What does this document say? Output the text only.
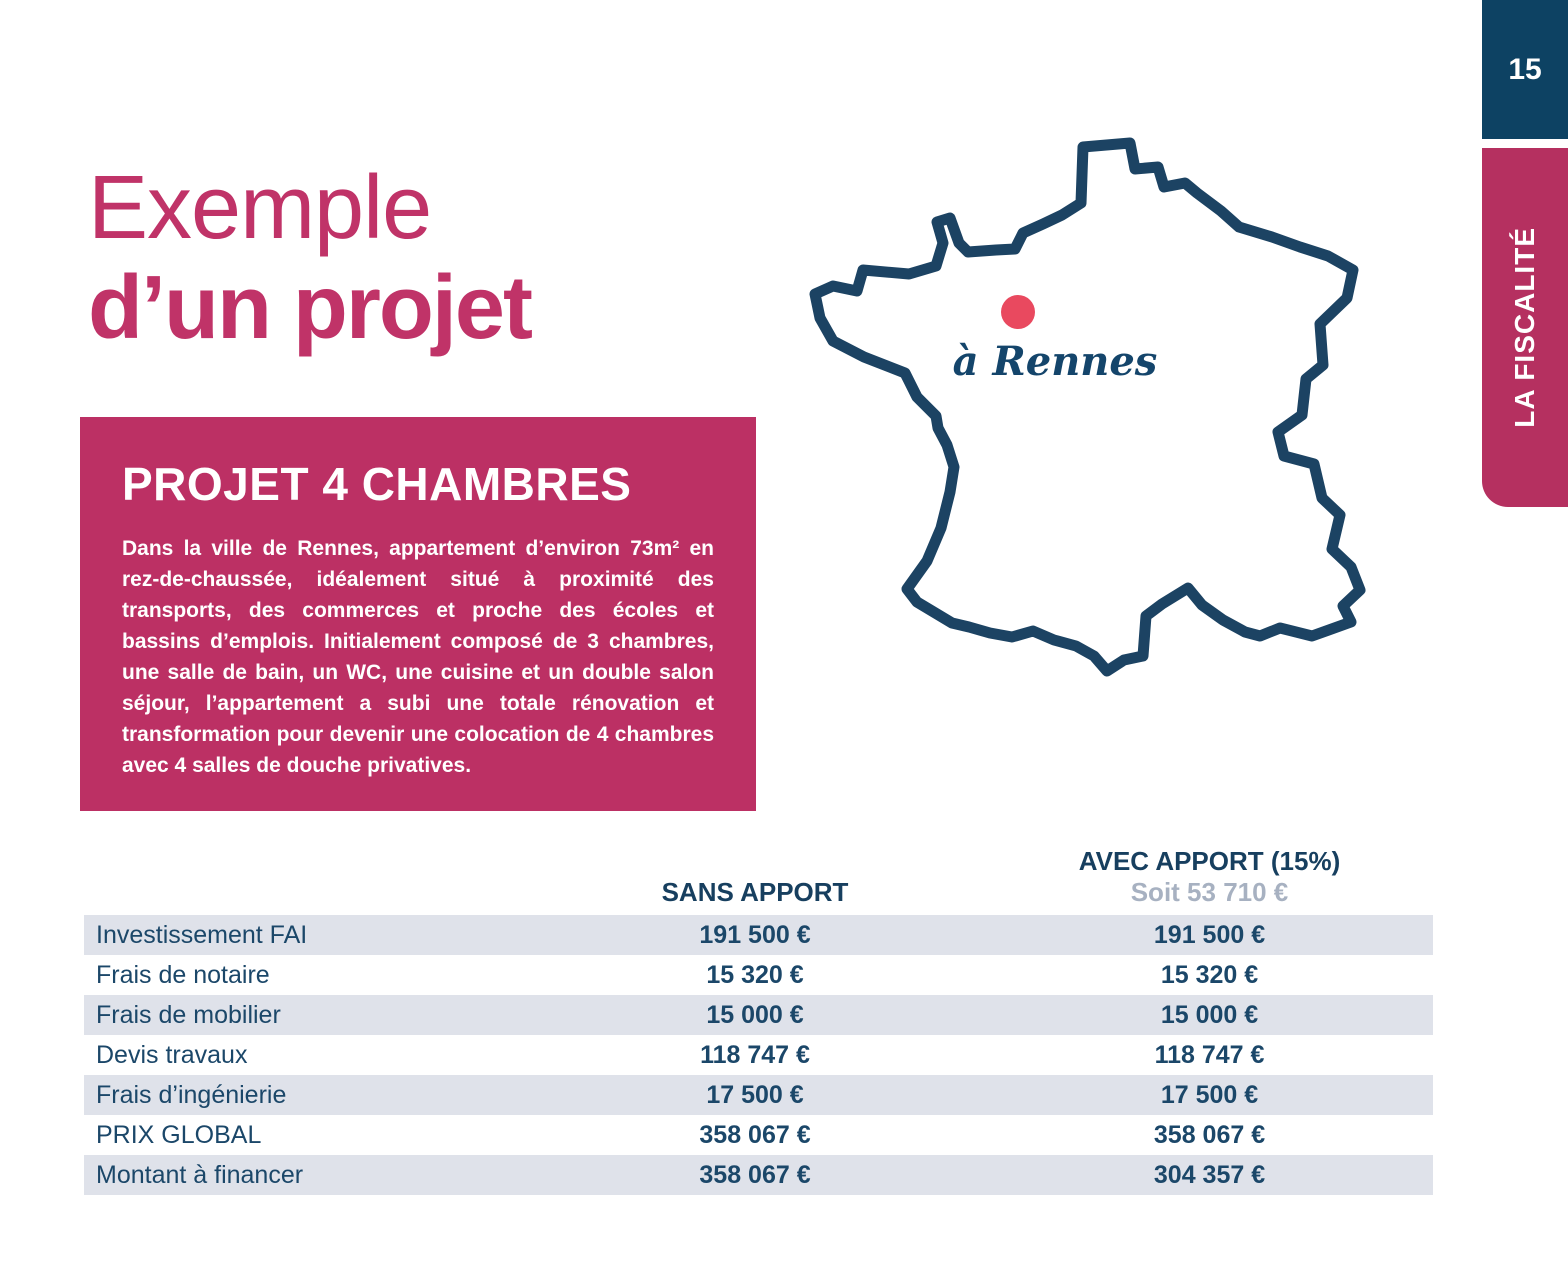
Exemple
d’un projet
15
LA FISCALITÉ
PROJET 4 CHAMBRES

Dans la ville de Rennes, appartement d’environ 73m² en rez-de-chaussée, idéalement situé à proximité des transports, des commerces et proche des écoles et bassins d’emplois. Initialement composé de 3 chambres, une salle de bain, un WC, une cuisine et un double salon séjour, l’appartement a subi une totale rénovation et transformation pour devenir une colocation de 4 chambres avec 4 salles de douche privatives.

à Rennes
SANS APPORT
AVEC APPORT (15%)
Soit 53 710 €
Investissement FAI	191 500 €	191 500 €
Frais de notaire	15 320 €	15 320 €
Frais de mobilier	15 000 €	15 000 €
Devis travaux	118 747 €	118 747 €
Frais d’ingénierie	17 500 €	17 500 €
PRIX GLOBAL	358 067 €	358 067 €
Montant à financer	358 067 €	304 357 €
